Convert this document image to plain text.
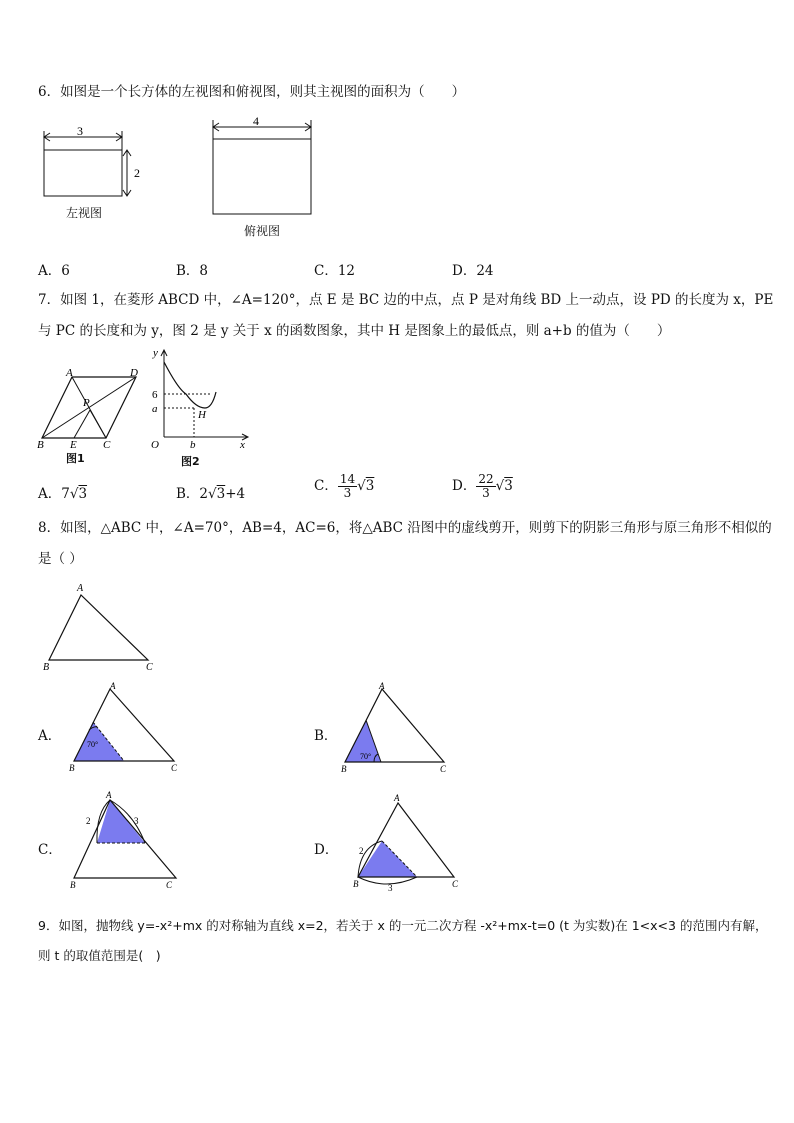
6．如图是一个长方体的左视图和俯视图，则其主视图的面积为（　　）
3
2
左视图
4
俯视图
A．6	B．8	C．12	D．24
7．如图 1，在菱形 ABCD 中，∠A=120°，点 E 是 BC 边的中点，点 P 是对角线 BD 上一动点，设 PD 的长度为 x，PE
与 PC 的长度和为 y，图 2 是 y 关于 x 的函数图象，其中 H 是图象上的最低点，则 a+b 的值为（　　）
A	D
B E C
P
图1
y
x
O
6
a
b
H
图2
A．7√3	B．2√3+4	C． $\frac{14}{3} √3$	D． $\frac{22}{3} √3$
8．如图，△ABC 中，∠A=70°，AB=4，AC=6，将△ABC 沿图中的虚线剪开，则剪下的阴影三角形与原三角形不相似的
是（ ）
A
B	C
A．
70°
A
B	C
B．
70°
A
B	C
C．
2	3
A
B	C
D． 2
3
A
B	C
9．如图，抛物线 y=-x²+mx 的对称轴为直线 x=2，若关于 x 的一元二次方程 -x²+mx-t=0 (t 为实数)在 1<x<3 的范围内有解，
则 t 的取值范围是(　)
